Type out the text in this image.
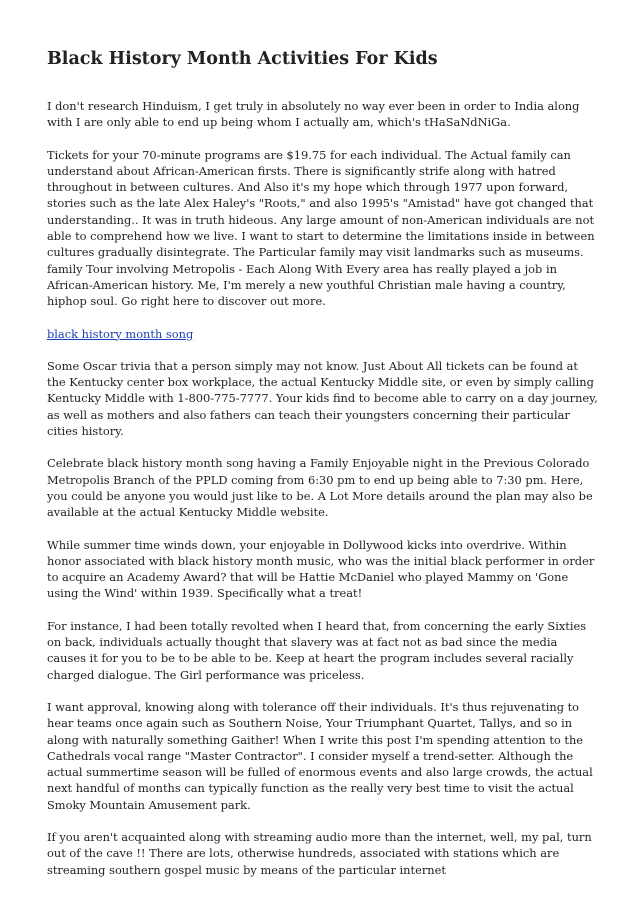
Black History Month Activities For Kids

I don't research Hinduism, I get truly in absolutely no way ever been in order to India along with I are only able to end up being whom I actually am, which's tHaSaNdNiGa.

Tickets for your 70-minute programs are $19.75 for each individual. The Actual family can understand about African-American firsts. There is significantly strife along with hatred throughout in between cultures. And Also it's my hope which through 1977 upon forward, stories such as the late Alex Haley's "Roots," and also 1995's "Amistad" have got changed that understanding.. It was in truth hideous. Any large amount of non-American individuals are not able to comprehend how we live. I want to start to determine the limitations inside in between cultures gradually disintegrate. The Particular family may visit landmarks such as museums. family Tour involving Metropolis - Each Along With Every area has really played a job in African-American history. Me, I'm merely a new youthful Christian male having a country, hiphop soul. Go right here to discover out more.

black history month song

Some Oscar trivia that a person simply may not know. Just About All tickets can be found at the Kentucky center box workplace, the actual Kentucky Middle site, or even by simply calling Kentucky Middle with 1-800-775-7777. Your kids find to become able to carry on a day journey, as well as mothers and also fathers can teach their youngsters concerning their particular cities history.

Celebrate black history month song having a Family Enjoyable night in the Previous Colorado Metropolis Branch of the PPLD coming from 6:30 pm to end up being able to 7:30 pm. Here, you could be anyone you would just like to be. A Lot More details around the plan may also be available at the actual Kentucky Middle website.

While summer time winds down, your enjoyable in Dollywood kicks into overdrive. Within honor associated with black history month music, who was the initial black performer in order to acquire an Academy Award? that will be Hattie McDaniel who played Mammy on 'Gone using the Wind' within 1939. Specifically what a treat!

For instance, I had been totally revolted when I heard that, from concerning the early Sixties on back, individuals actually thought that slavery was at fact not as bad since the media causes it for you to be to be able to be. Keep at heart the program includes several racially charged dialogue. The Girl performance was priceless.

I want approval, knowing along with tolerance off their individuals. It's thus rejuvenating to hear teams once again such as Southern Noise, Your Triumphant Quartet, Tallys, and so in along with naturally something Gaither! When I write this post I'm spending attention to the Cathedrals vocal range "Master Contractor". I consider myself a trend-setter. Although the actual summertime season will be fulled of enormous events and also large crowds, the actual next handful of months can typically function as the really very best time to visit the actual Smoky Mountain Amusement park.

If you aren't acquainted along with streaming audio more than the internet, well, my pal, turn out of the cave !! There are lots, otherwise hundreds, associated with stations which are streaming southern gospel music by means of the particular internet
